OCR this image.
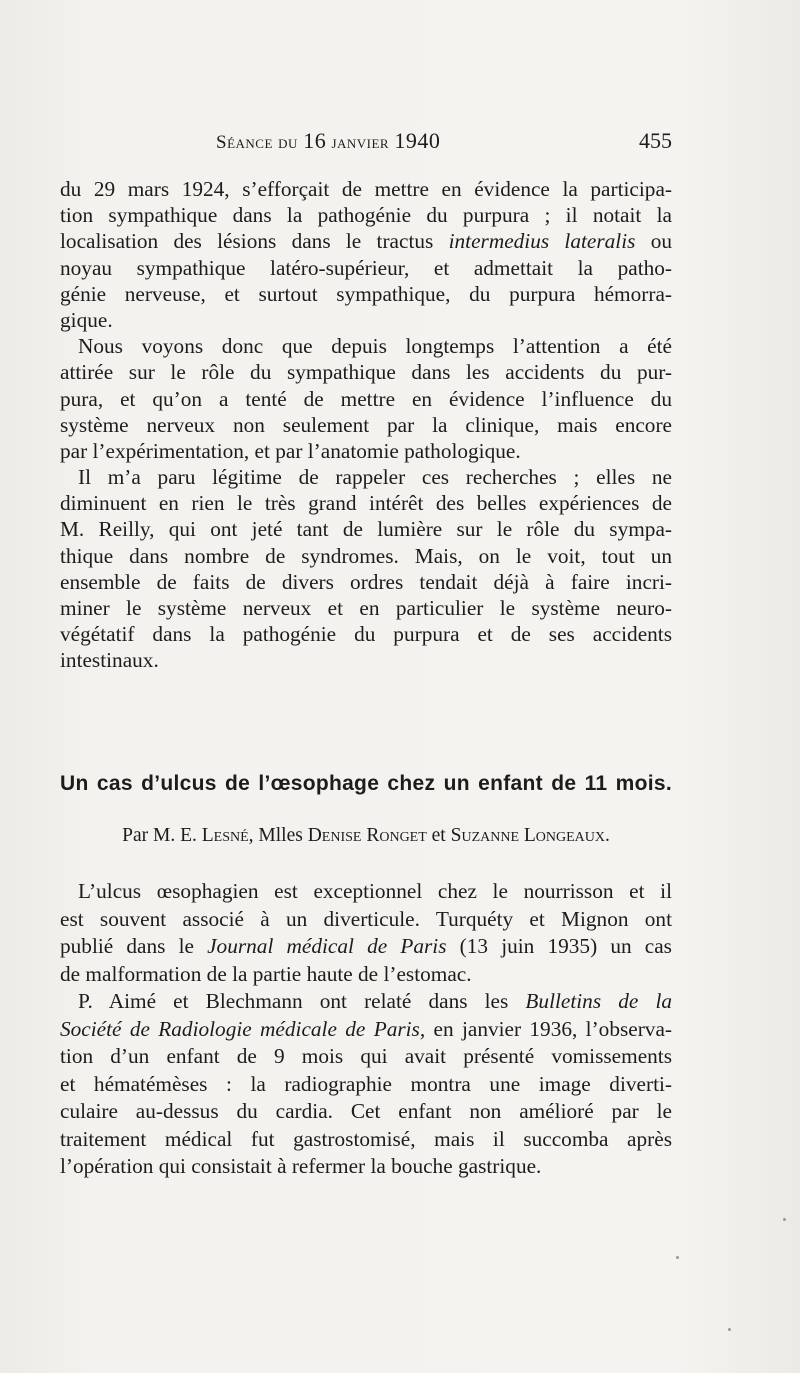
Séance du 16 janvier 1940	455
du 29 mars 1924, s’efforçait de mettre en évidence la participa-
tion sympathique dans la pathogénie du purpura ; il notait la
localisation des lésions dans le tractus intermedius lateralis ou
noyau sympathique latéro-supérieur, et admettait la patho-
génie nerveuse, et surtout sympathique, du purpura hémorra-
gique.
Nous voyons donc que depuis longtemps l’attention a été
attirée sur le rôle du sympathique dans les accidents du pur-
pura, et qu’on a tenté de mettre en évidence l’influence du
système nerveux non seulement par la clinique, mais encore
par l’expérimentation, et par l’anatomie pathologique.
Il m’a paru légitime de rappeler ces recherches ; elles ne
diminuent en rien le très grand intérêt des belles expériences de
M. Reilly, qui ont jeté tant de lumière sur le rôle du sympa-
thique dans nombre de syndromes. Mais, on le voit, tout un
ensemble de faits de divers ordres tendait déjà à faire incri-
miner le système nerveux et en particulier le système neuro-
végétatif dans la pathogénie du purpura et de ses accidents
intestinaux.
Un cas d’ulcus de l’œsophage chez un enfant de 11 mois.
Par M. E. Lesné, Mlles Denise Ronget et Suzanne Longeaux.
L’ulcus œsophagien est exceptionnel chez le nourrisson et il
est souvent associé à un diverticule. Turquéty et Mignon ont
publié dans le Journal médical de Paris (13 juin 1935) un cas
de malformation de la partie haute de l’estomac.
P. Aimé et Blechmann ont relaté dans les Bulletins de la
Société de Radiologie médicale de Paris, en janvier 1936, l’observa-
tion d’un enfant de 9 mois qui avait présenté vomissements
et hématémèses : la radiographie montra une image diverti-
culaire au-dessus du cardia. Cet enfant non amélioré par le
traitement médical fut gastrostomisé, mais il succomba après
l’opération qui consistait à refermer la bouche gastrique.
